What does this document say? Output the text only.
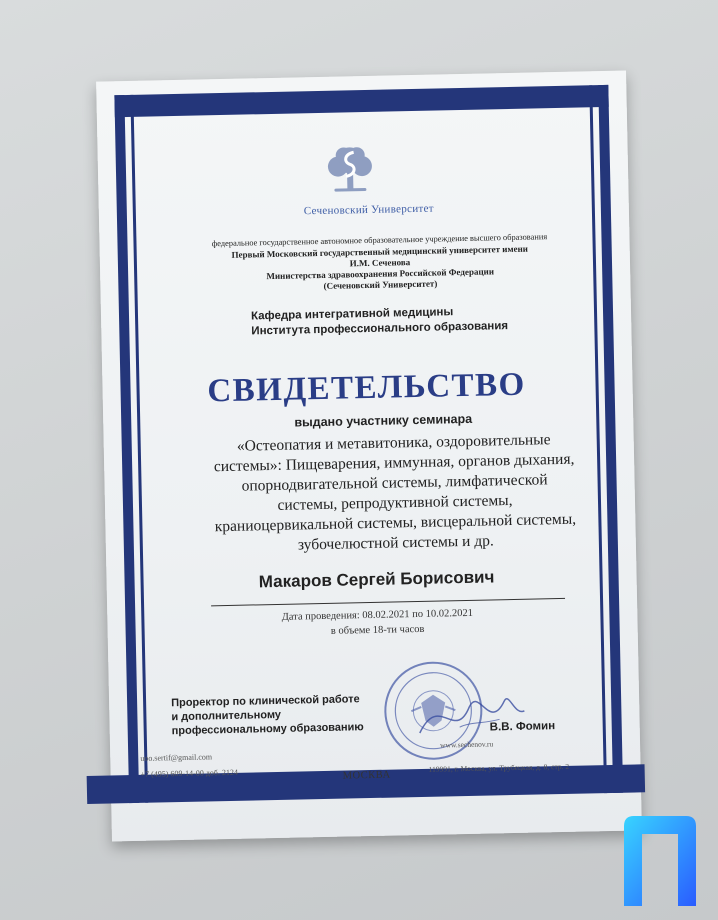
Сеченовский Университет
федеральное государственное автономное образовательное учреждение высшего образования
Первый Московский государственный медицинский университет имени
И.М. Сеченова
Министерства здравоохранения Российской Федерации
(Сеченовский Университет)
Кафедра интегративной медицины
Института профессионального образования
СВИДЕТЕЛЬСТВО
выдано участнику семинара
«Остеопатия и метавитоника, оздоровительные
системы»: Пищеварения, иммунная, органов дыхания,
опорнодвигательной системы, лимфатической
системы, репродуктивной системы,
краниоцервикальной системы, висцеральной системы,
зубочелюстной системы и др.
Макаров Сергей Борисович
Дата проведения: 08.02.2021 по 10.02.2021
в объеме 18-ти часов
Проректор по клинической работе
и дополнительному
профессиональному образованию	В.В. Фомин
uoo.sertif@gmail.com
+7 (495) 609-14-00 доб. 2124
www.sechenov.ru
119991, г. Москва, ул. Трубецкая, д. 8, стр. 2
МОСКВА
